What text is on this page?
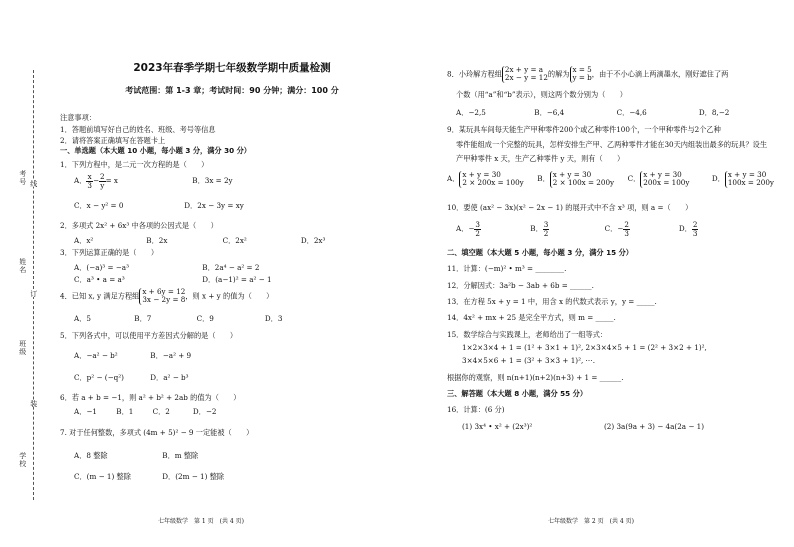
考号
姓名
班级
学校
线
订
装
2023年春季学期七年级数学期中质量检测
考试范围：第 1-3 章；考试时间：90 分钟；满分：100 分
注意事项：
1．答题前填写好自己的姓名、班级、考号等信息
2．请将答案正确填写在答题卡上
一、单选题（本大题 10 小题，每小题 3 分，满分 30 分）
1．下列方程中，是二元一次方程的是（　　）
A． $\frac{x}{3} - \frac{2}{y} = x$	B．3x = 2y
C．x − y² = 0	D．2x − 3y = xy
2．多项式 2x² + 6x³ 中各项的公因式是（　　）
A．x²	B．2x	C．2x²	D．2x³
3．下列运算正确的是（　　）
A．(−a)³ = −a³	B．2a⁴ − a² = 2
C．a³ • a = a³	D．(a−1)² = a² − 1
4．已知 x, y 满足方程组 x + 6y = 12
3x − 2y = 8 ，则 x + y 的值为（　　）
A．5	B．7	C．9	D．3
5．下列各式中，可以使用平方差因式分解的是（　　）
A．−a² − b²	B．−a² + 9
C．p² − (−q²)	D．a² − b³
6．若 a + b = −1，则 a² + b² + 2ab 的值为（　　）
A．−1	B．1	C．2	D．−2
7. 对于任何整数，多项式 (4m + 5)² − 9 一定能被（　　）
A．8 整除	B．m 整除
C．(m − 1) 整除	D．(2m − 1) 整除
七年级数学　第 1 页　(共 4 页)
8．小玲解方程组 2x + y = a
2x − y = 12 的解为 x = 5
y = b ，由于不小心滴上两滴墨水，刚好遮住了两
个数（用“a”和“b”表示），则这两个数分别为（　　）
A．−2,5	B．−6,4	C．−4,6	D．8,−2
9．某玩具车间每天能生产甲种零件200个或乙种零件100个，一个甲种零件与2个乙种
零件能组成一个完整的玩具，怎样安排生产甲、乙两种零件才能在30天内组装出最多的玩具？设生
产甲种零件 x 天，生产乙种零件 y 天，则有（　　）
A． x + y = 30
2 × 200x = 100y B． x + y = 30
2 × 100x = 200y C． x + y = 30
200x = 100y	D． x + y = 30
100x = 200y
10．要使 (ax² − 3x)(x² − 2x − 1) 的展开式中不含 x³ 项，则 a =（　　）
A．− $\frac{3}{2}$	B． $\frac{3}{2}$	C．− $\frac{2}{3}$	D． $\frac{2}{3}$
二、填空题（本大题 5 小题，每小题 3 分，满分 15 分）
11．计算：(−m)² • m³ = ________.
12．分解因式：3a²b − 3ab + 6b = ______.
13．在方程 5x + y = 1 中，用含 x 的代数式表示 y，y = _____.
14．4x² + mx + 25 是完全平方式，则 m = _____.
15．数学综合与实践课上，老师给出了一组等式：
1×2×3×4 + 1 = (1² + 3×1 + 1)², 2×3×4×5 + 1 = (2² + 3×2 + 1)²,
3×4×5×6 + 1 = (3² + 3×3 + 1)², ⋯.
根据你的观察，则 n(n+1)(n+2)(n+3) + 1 = ______.
三、解答题（本大题 8 小题，满分 55 分）
16．计算：(6 分)
(1) 3x⁴ • x² + (2x³)²	(2) 3a(9a + 3) − 4a(2a − 1)
七年级数学　第 2 页　(共 4 页)
